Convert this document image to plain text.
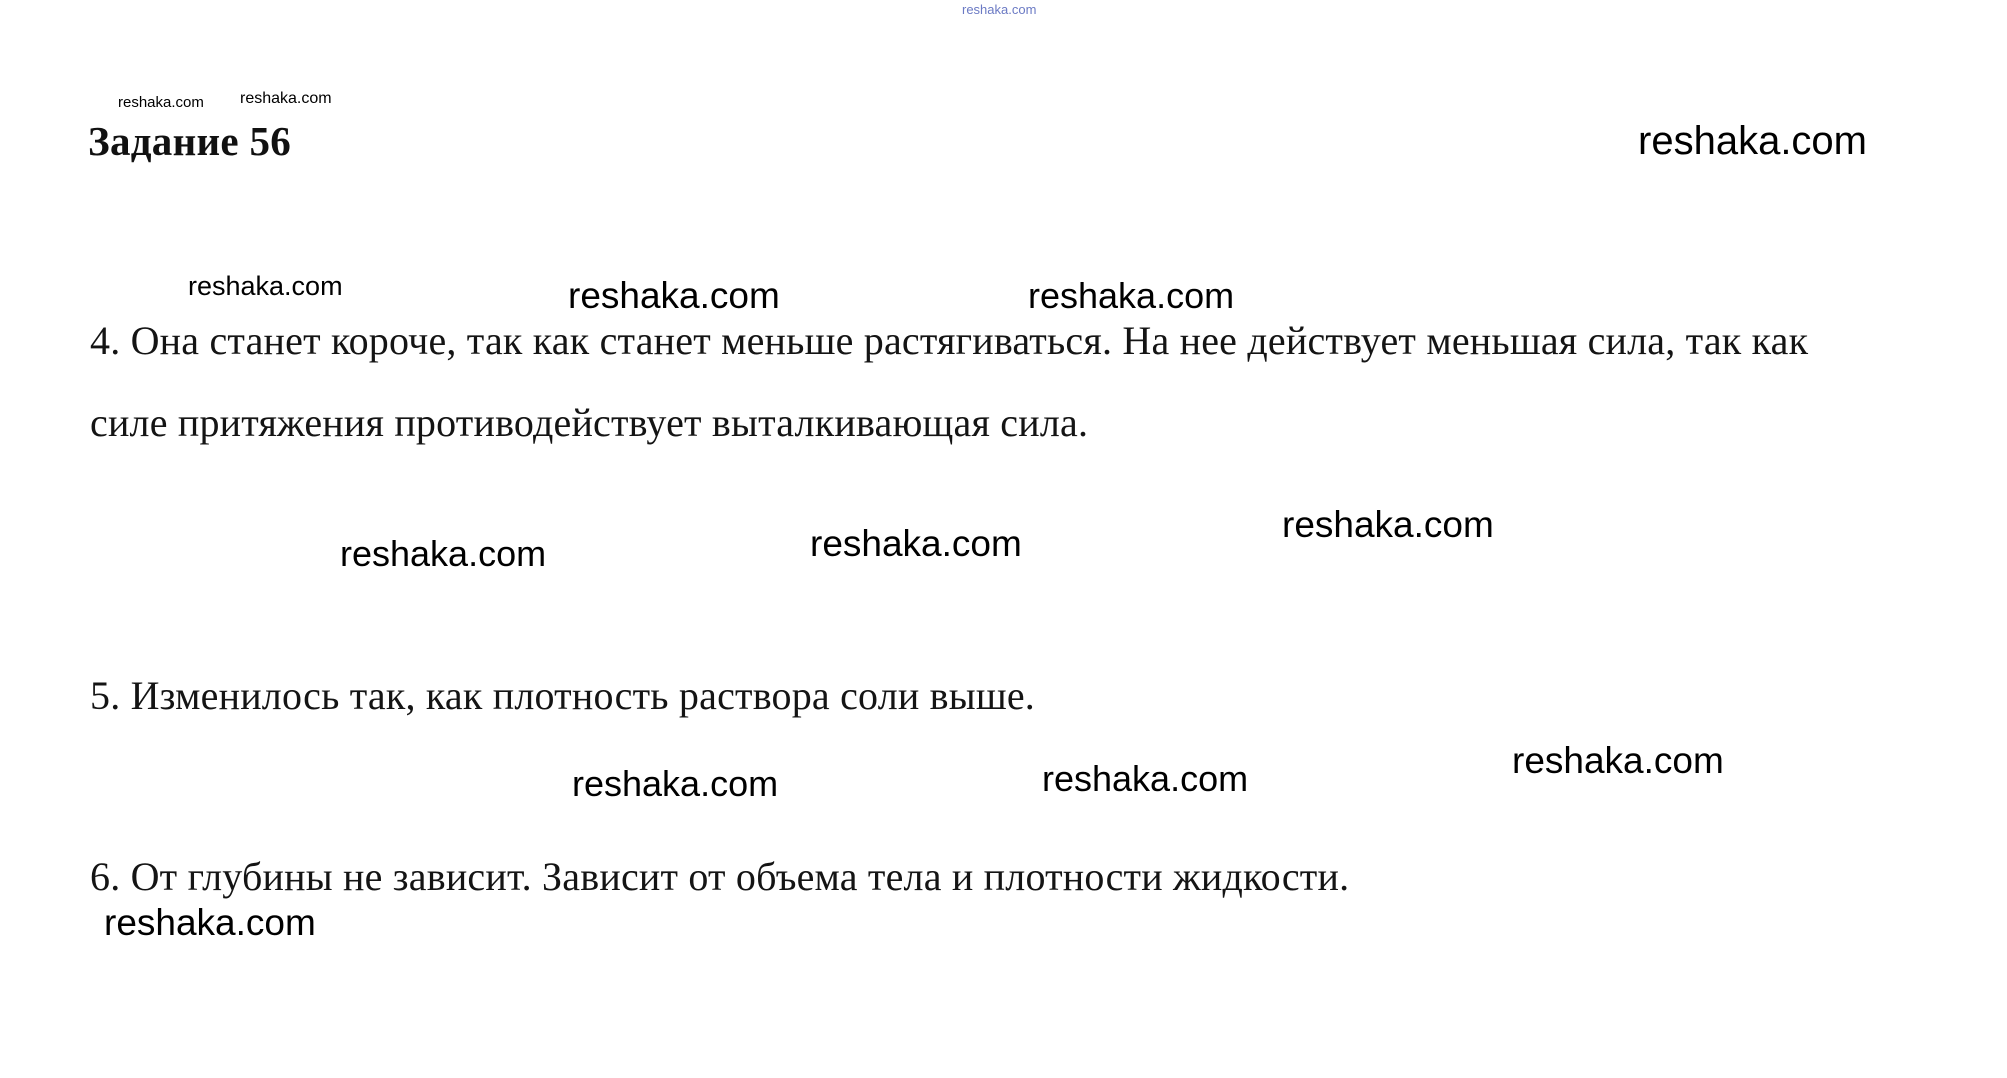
Задание 56	reshaka.com
4. Она станет короче, так как станет меньше растягиваться. На нее действует меньшая сила, так как силе притяжения противодействует выталкивающая сила.
5. Изменилось так, как плотность раствора соли выше.
6. От глубины не зависит. Зависит от объема тела и плотности жидкости.
reshaka.com
reshaka.com reshaka.com
reshaka.com	reshaka.com	reshaka.com
reshaka.com
reshaka.com
reshaka.com
reshaka.com
reshaka.com
reshaka.com
reshaka.com
